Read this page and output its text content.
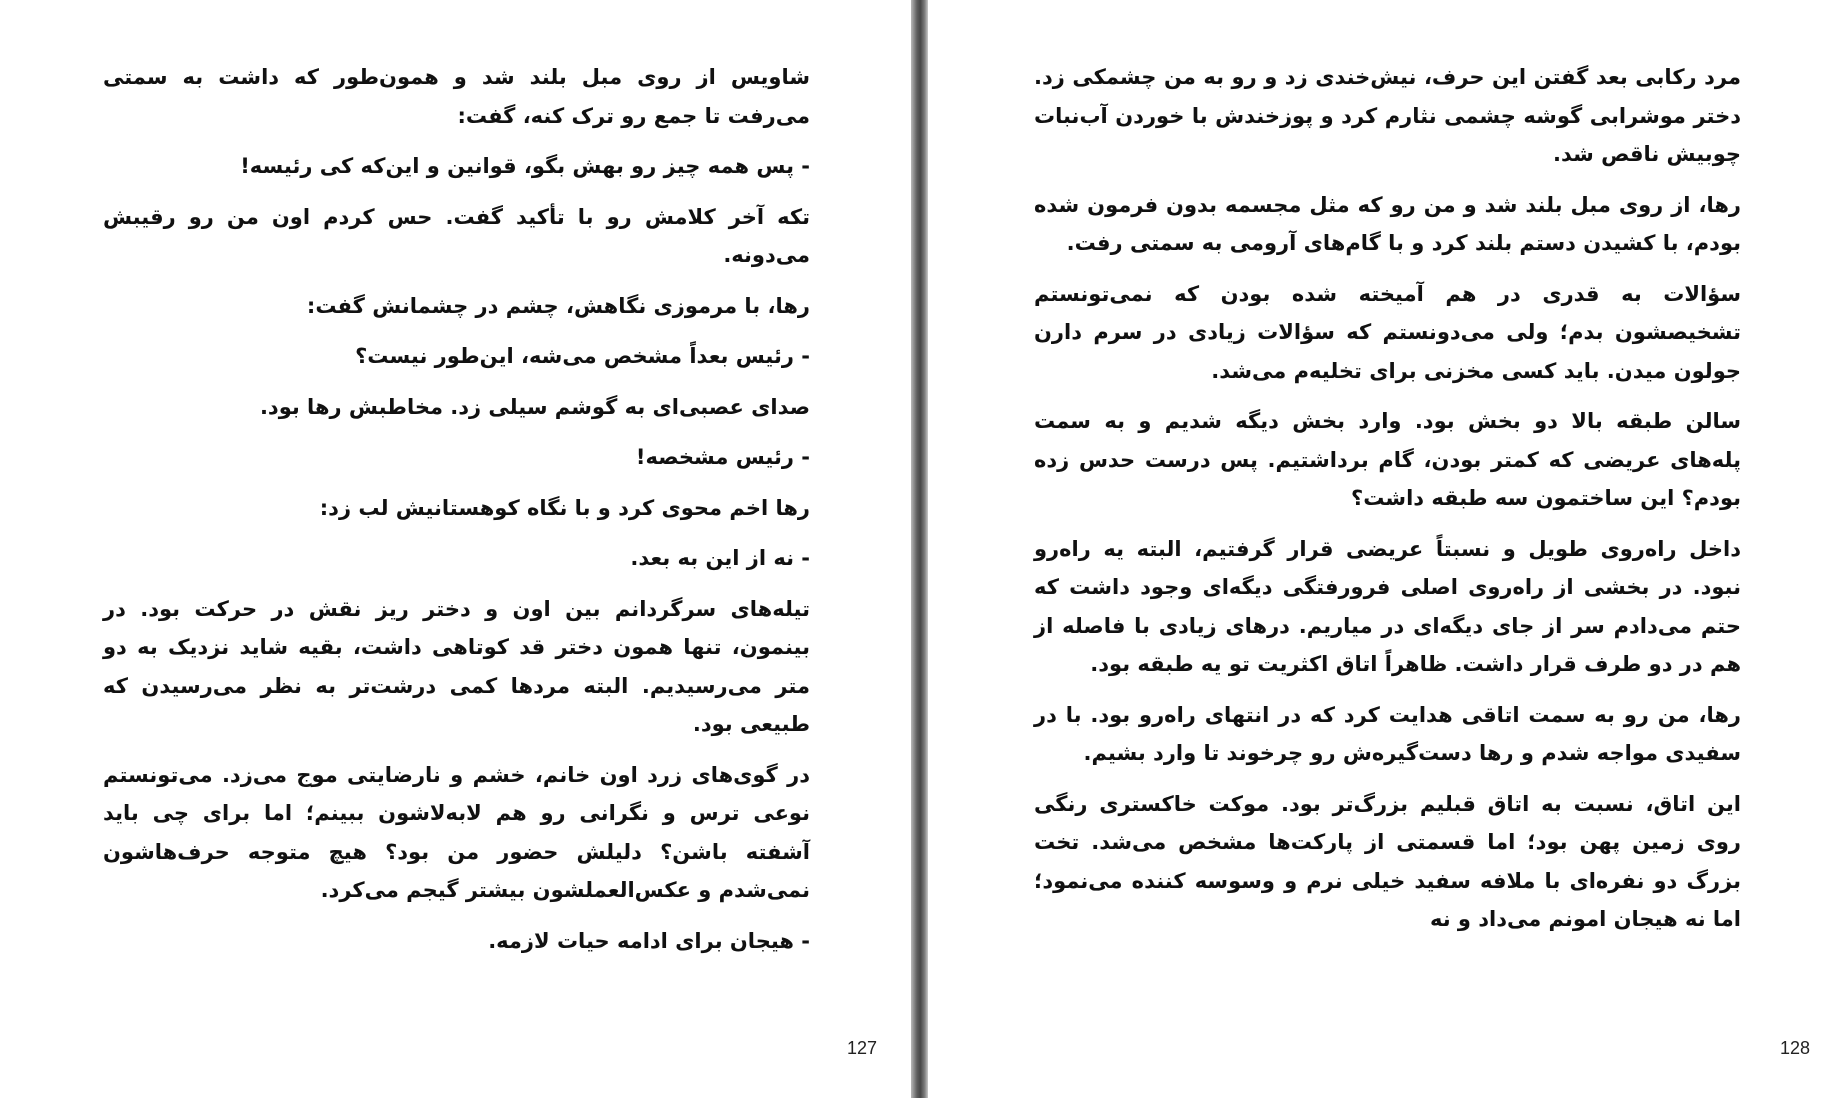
شاویس از روی مبل بلند شد و همون‌طور که داشت به سمتی می‌رفت تا جمع رو ترک کنه، گفت:

- پس همه چیز رو بهش بگو، قوانین و این‌که کی رئیسه!

تکه آخر کلامش رو با تأکید گفت. حس کردم اون من رو رقیبش می‌دونه.

رها، با مرموزی نگاهش، چشم در چشمانش گفت:

- رئیس بعداً مشخص می‌شه، این‌طور نیست؟

صدای عصبی‌ای به گوشم سیلی زد. مخاطبش رها بود.

- رئیس مشخصه!

رها اخم محوی کرد و با نگاه کوهستانیش لب زد:

- نه از این به بعد.

تیله‌های سرگردانم بین اون و دختر ریز نقش در حرکت بود. در بینمون، تنها همون دختر قد کوتاهی داشت، بقیه شاید نزدیک به دو متر می‌رسیدیم. البته مردها کمی درشت‌تر به نظر می‌رسیدن که طبیعی بود.

در گوی‌های زرد اون خانم، خشم و نارضایتی موج می‌زد. می‌تونستم نوعی ترس و نگرانی رو هم لابه‌لاشون ببینم؛ اما برای چی باید آشفته باشن؟ دلیلش حضور من بود؟ هیچ متوجه حرف‌هاشون نمی‌شدم و عکس‌العملشون بیشتر گیجم می‌کرد.

- هیجان برای ادامه حیات لازمه.

127

مرد رکابی بعد گفتن این حرف، نیش‌خندی زد و رو به من چشمکی زد. دختر موشرابی گوشه چشمی نثارم کرد و پوزخندش با خوردن آب‌نبات چوبیش ناقص شد.

رها، از روی مبل بلند شد و من رو که مثل مجسمه بدون فرمون شده بودم، با کشیدن دستم بلند کرد و با گام‌های آرومی به سمتی رفت.

سؤالات به قدری در هم آمیخته شده بودن که نمی‌تونستم تشخیصشون بدم؛ ولی می‌دونستم که سؤالات زیادی در سرم دارن جولون میدن. باید کسی مخزنی برای تخلیه‌م می‌شد.

سالن طبقه بالا دو بخش بود. وارد بخش دیگه شدیم و به سمت پله‌های عریضی که کمتر بودن، گام برداشتیم. پس درست حدس زده بودم؟ این ساختمون سه طبقه داشت؟

داخل راه‌روی طویل و نسبتاً عریضی قرار گرفتیم، البته یه راه‌رو نبود. در بخشی از راه‌روی اصلی فرورفتگی دیگه‌ای وجود داشت که حتم می‌دادم سر از جای دیگه‌ای در میاریم. درهای زیادی با فاصله از هم در دو طرف قرار داشت. ظاهراً اتاق اکثریت تو یه طبقه بود.

رها، من رو به سمت اتاقی هدایت کرد که در انتهای راه‌رو بود. با در سفیدی مواجه شدم و رها دست‌گیره‌ش رو چرخوند تا وارد بشیم.

این اتاق، نسبت به اتاق قبلیم بزرگ‌تر بود. موکت خاکستری رنگی روی زمین پهن بود؛ اما قسمتی از پارکت‌ها مشخص می‌شد. تخت بزرگ دو نفره‌ای با ملافه سفید خیلی نرم و وسوسه کننده می‌نمود؛ اما نه هیجان امونم می‌داد و نه

128
